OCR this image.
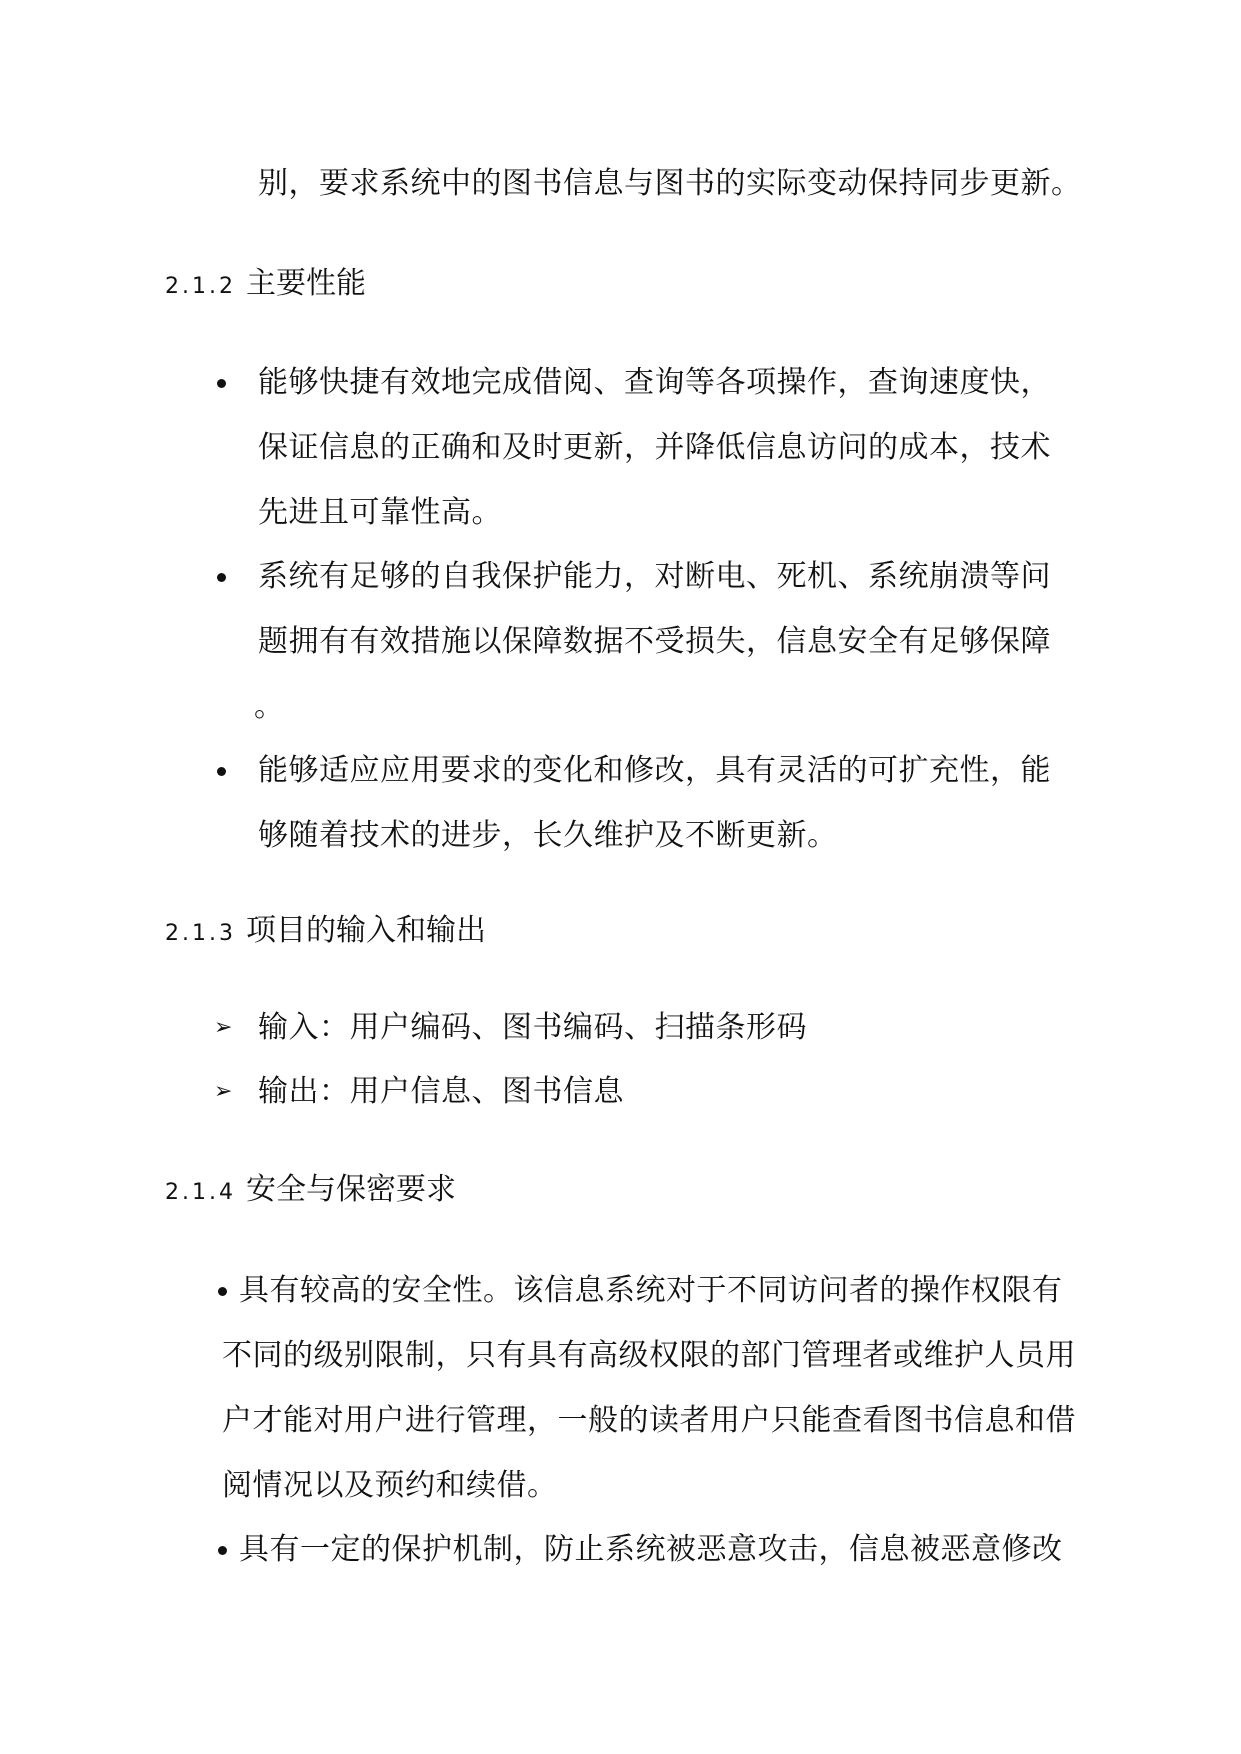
别，要求系统中的图书信息与图书的实际变动保持同步更新。
2.1.2 主要性能
能够快捷有效地完成借阅、查询等各项操作，查询速度快，
保证信息的正确和及时更新，并降低信息访问的成本，技术
先进且可靠性高。
系统有足够的自我保护能力，对断电、死机、系统崩溃等问
题拥有有效措施以保障数据不受损失，信息安全有足够保障
。
能够适应应用要求的变化和修改，具有灵活的可扩充性，能
够随着技术的进步，长久维护及不断更新。
2.1.3 项目的输入和输出
➢ 输入：用户编码、图书编码、扫描条形码
➢ 输出：用户信息、图书信息
2.1.4 安全与保密要求
具有较高的安全性。该信息系统对于不同访问者的操作权限有
不同的级别限制，只有具有高级权限的部门管理者或维护人员用
户才能对用户进行管理，一般的读者用户只能查看图书信息和借
阅情况以及预约和续借。
具有一定的保护机制，防止系统被恶意攻击，信息被恶意修改
